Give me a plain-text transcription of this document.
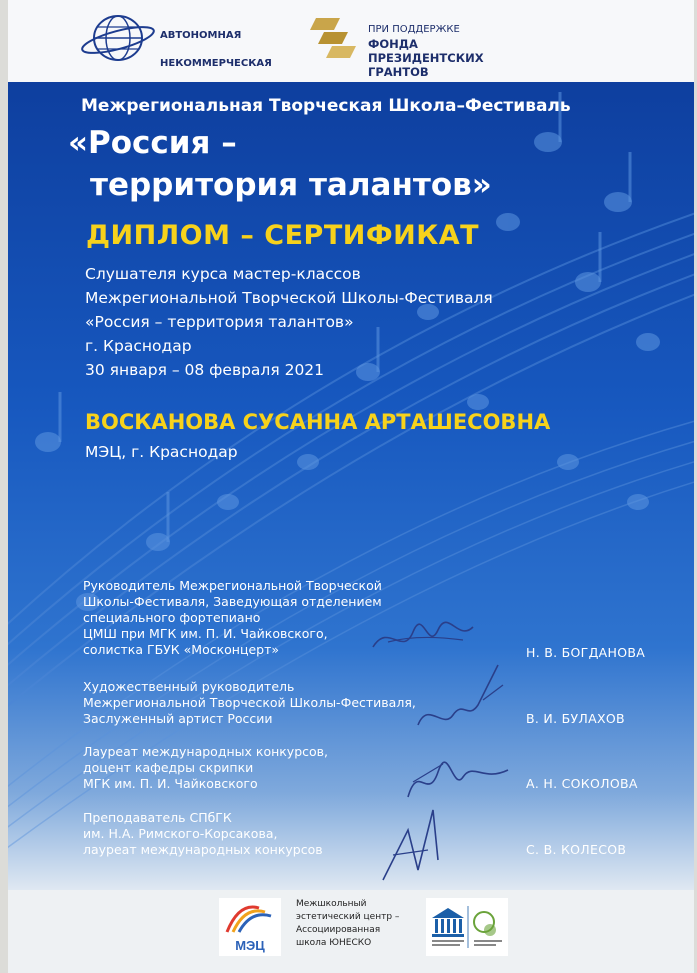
АВТОНОМНАЯ

НЕКОММЕРЧЕСКАЯ

ПРИ ПОДДЕРЖКЕ
ФОНДА
ПРЕЗИДЕНТСКИХ
ГРАНТОВ
Межрегиональная Творческая Школа–Фестиваль
«Россия –
территория талантов»
ДИПЛОМ – СЕРТИФИКАТ
Слушателя курса мастер-классов
Межрегиональной Творческой Школы-Фестиваля
«Россия – территория талантов»
г. Краснодар
30 января – 08 февраля 2021
ВОСКАНОВА СУСАННА АРТАШЕСОВНА
МЭЦ, г. Краснодар
Руководитель Межрегиональной Творческой
Школы-Фестиваля, Заведующая отделением
специального фортепиано
ЦМШ при МГК им. П. И. Чайковского,
солистка ГБУК «Москонцерт»	Н. В. БОГДАНОВА
Художественный руководитель
Межрегиональной Творческой Школы-Фестиваля,
Заслуженный артист России	В. И. БУЛАХОВ
Лауреат международных конкурсов,
доцент кафедры скрипки
МГК им. П. И. Чайковского	А. Н. СОКОЛОВА
Преподаватель СПбГК
им. Н.А. Римского-Корсакова,
лауреат международных конкурсов	С. В. КОЛЕСОВ
МЭЦ
Межшкольный
эстетический центр –
Ассоциированная
школа ЮНЕСКО
